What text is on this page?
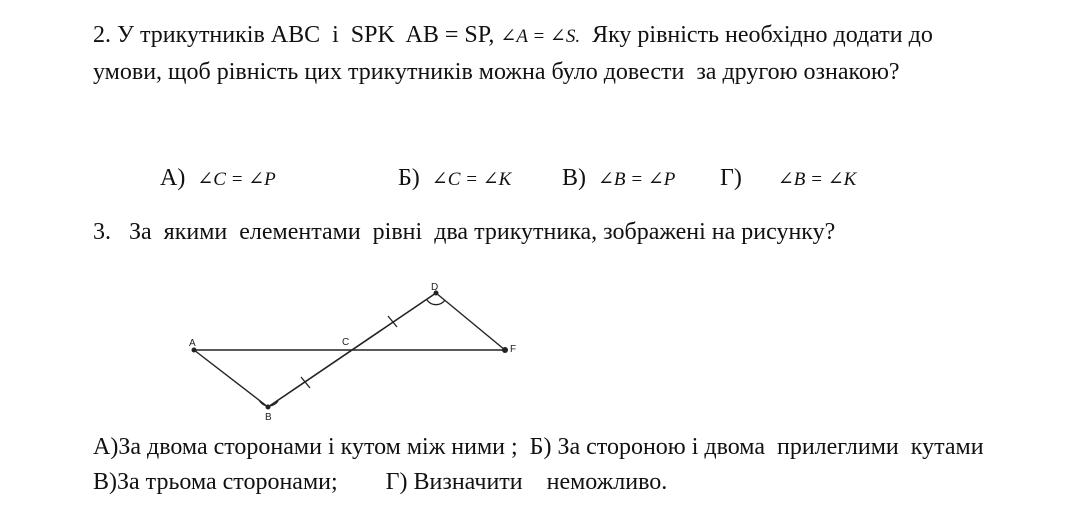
2. У трикутників ABC  і  SPK  AB = SP, ∠A = ∠S.  Яку рівність необхідно додати до
умови, щоб рівність цих трикутників можна було довести  за другою ознакою?

А) ∠C = ∠P

	Б) ∠C = ∠K

В) ∠B = ∠P

Г) ∠B = ∠K

3.   За  якими  елементами  рівні  два трикутника, зображені на рисунку?
A	C
F
B
D
А)За двома сторонами і кутом між ними ;  Б) За стороною і двома  прилеглими  кутами
В)За трьома сторонами;        Г) Визначити    неможливо.
